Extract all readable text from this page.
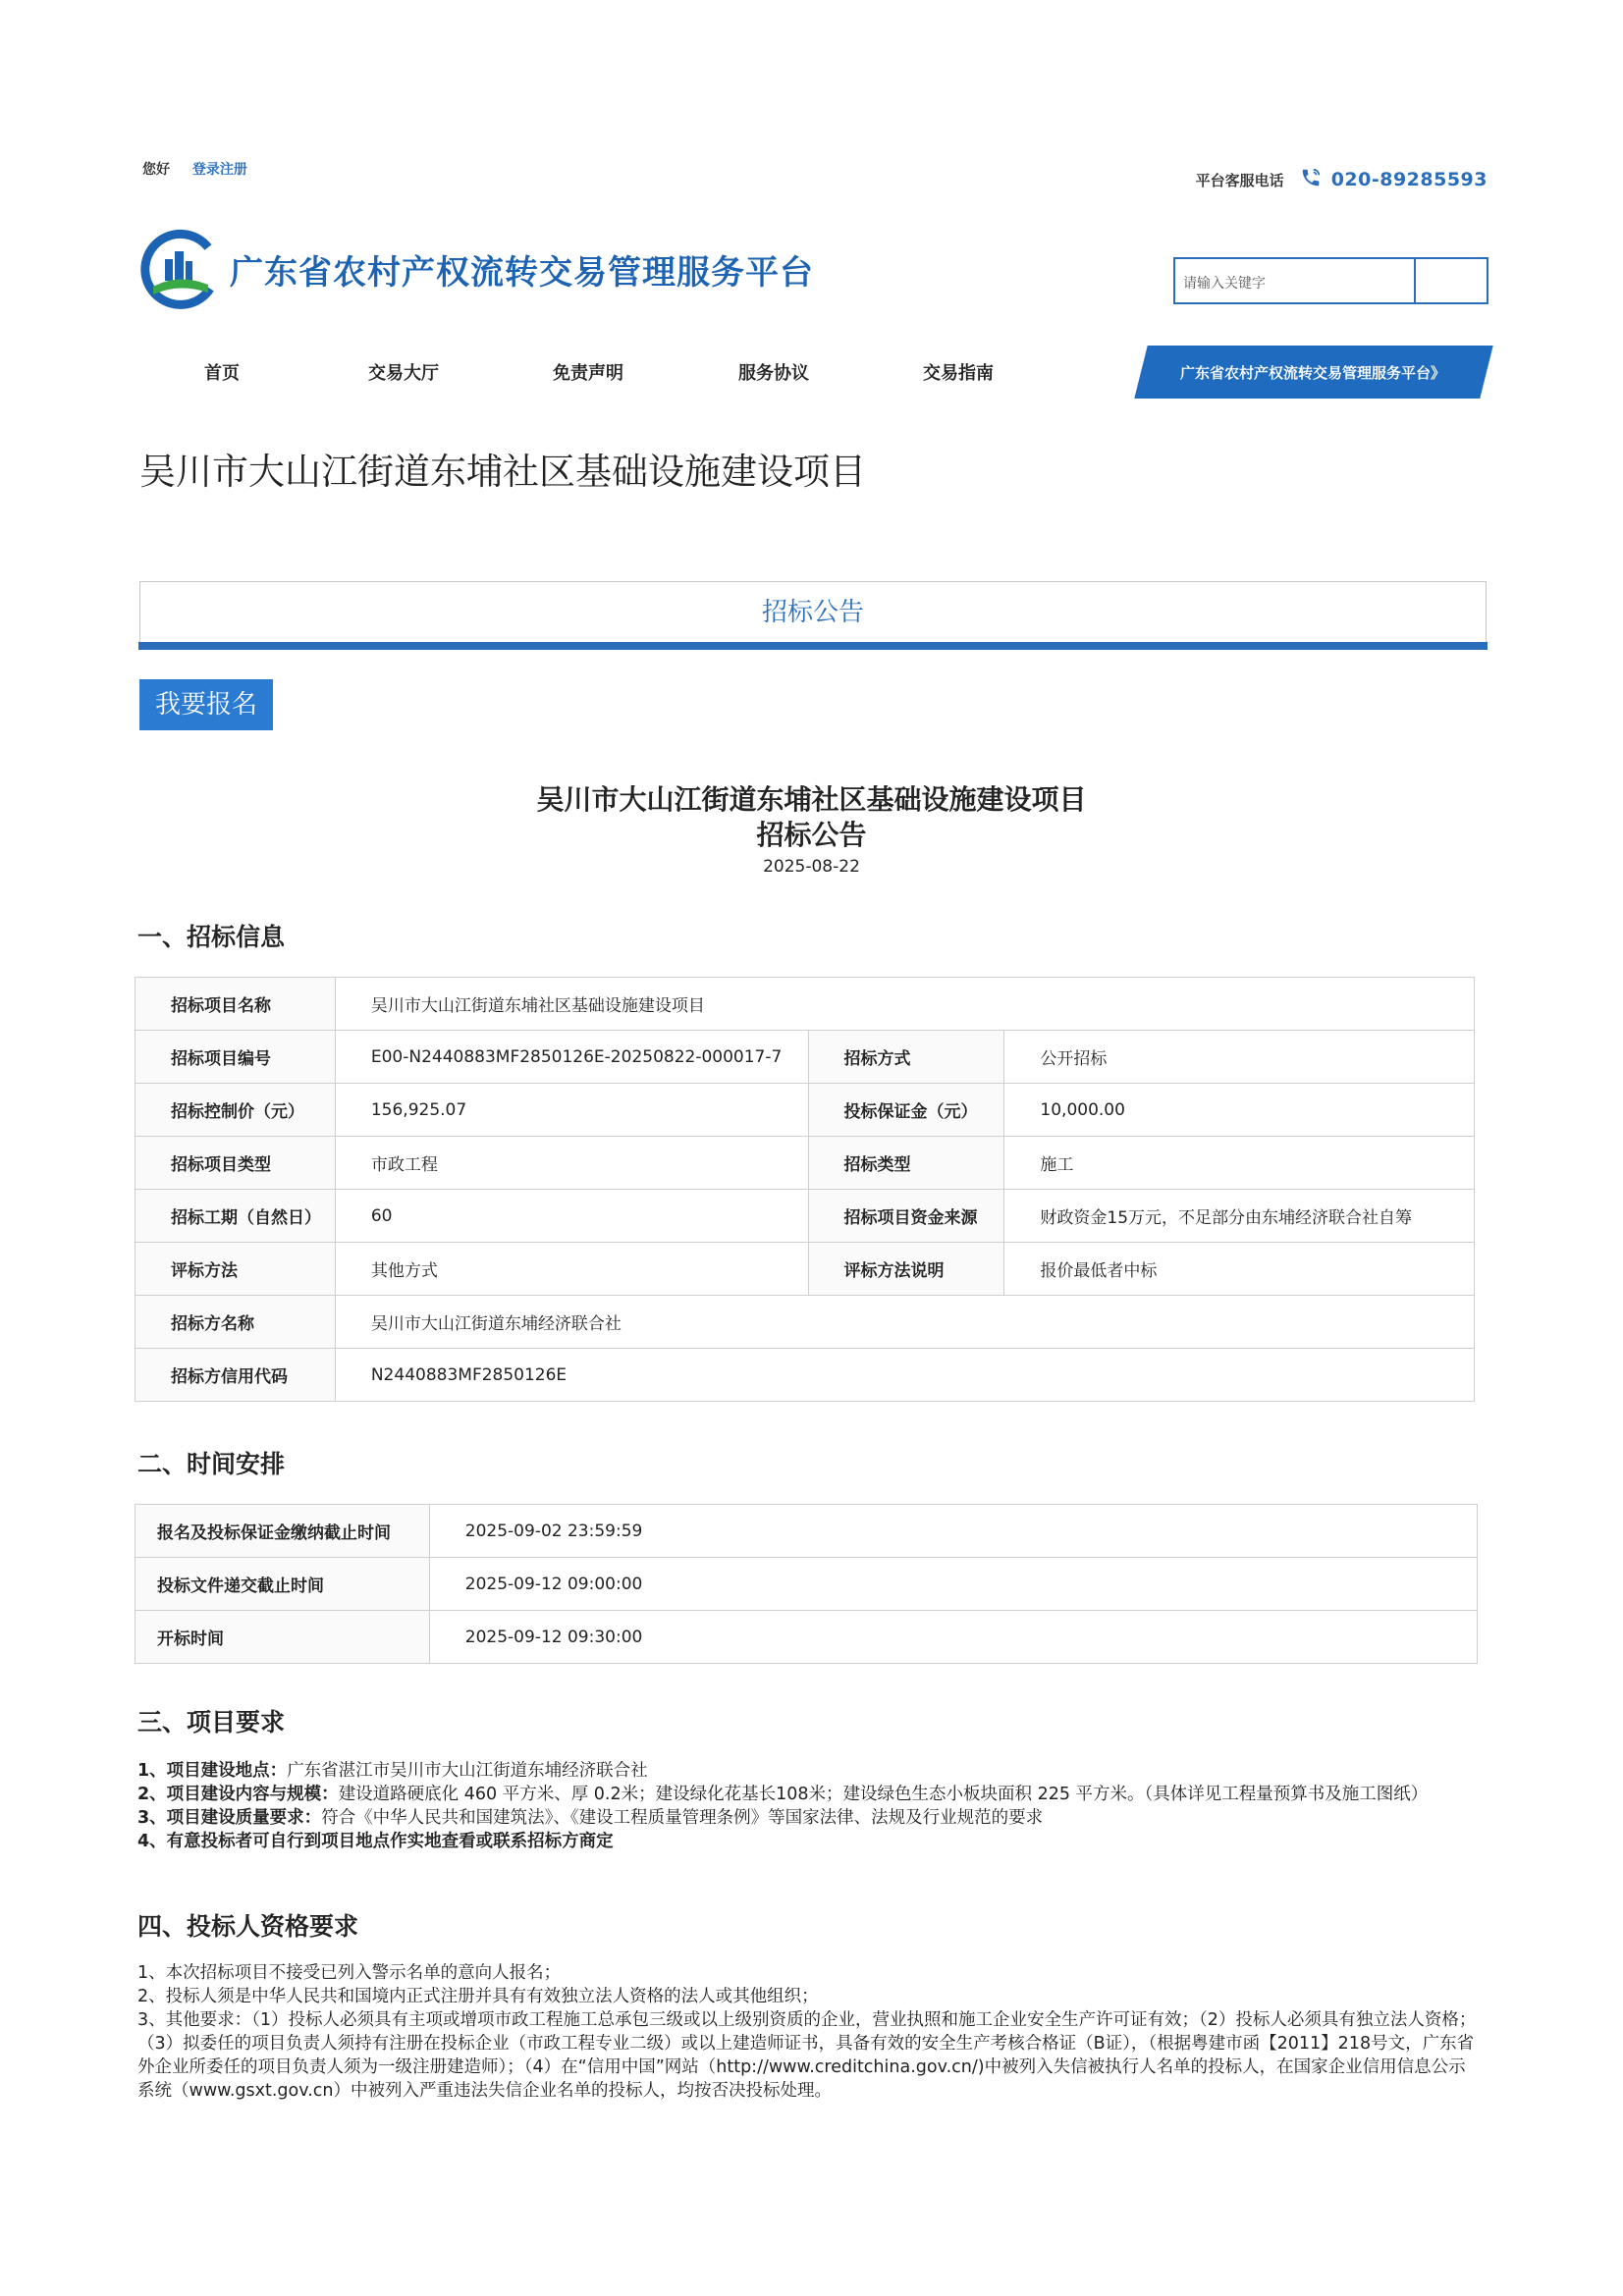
您好 登录注册
平台客服电话	020-89285593
广东省农村产权流转交易管理服务平台	请输入关键字
首页	交易大厅	免责声明	服务协议	交易指南	广东省农村产权流转交易管理服务平台》
吴川市大山江街道东埔社区基础设施建设项目
招标公告
我要报名
吴川市大山江街道东埔社区基础设施建设项目
招标公告
2025-08-22
一、招标信息
招标项目名称	吴川市大山江街道东埔社区基础设施建设项目		
招标项目编号	E00-N2440883MF2850126E-20250822-000017-7	招标方式	公开招标
招标控制价（元）	156,925.07	投标保证金（元）	10,000.00
招标项目类型	市政工程	招标类型	施工
招标工期（自然日）	60	招标项目资金来源	财政资金15万元，不足部分由东埔经济联合社自筹
评标方法	其他方式	评标方法说明	报价最低者中标
招标方名称	吴川市大山江街道东埔经济联合社		
招标方信用代码	N2440883MF2850126E		
二、时间安排
报名及投标保证金缴纳截止时间	2025-09-02 23:59:59
投标文件递交截止时间	2025-09-12 09:00:00
开标时间	2025-09-12 09:30:00
三、项目要求

1、项目建设地点：广东省湛江市吴川市大山江街道东埔经济联合社

2、项目建设内容与规模：建设道路硬底化 460 平方米、厚 0.2米；建设绿化花基长108米；建设绿色生态小板块面积 225 平方米。（具体详见工程量预算书及施工图纸）

3、项目建设质量要求：符合《中华人民共和国建筑法》、《建设工程质量管理条例》等国家法律、法规及行业规范的要求

4、有意投标者可自行到项目地点作实地查看或联系招标方商定

四、投标人资格要求

1、本次招标项目不接受已列入警示名单的意向人报名；

2、投标人须是中华人民共和国境内正式注册并具有有效独立法人资格的法人或其他组织；

3、其他要求：（1）投标人必须具有主项或增项市政工程施工总承包三级或以上级别资质的企业，营业执照和施工企业安全生产许可证有效；（2）投标人必须具有独立法人资格；（3）拟委任的项目负责人须持有注册在投标企业（市政工程专业二级）或以上建造师证书，具备有效的安全生产考核合格证（B证），（根据粤建市函【2011】218号文，广东省外企业所委任的项目负责人须为一级注册建造师）；（4）在“信用中国”网站（http://www.creditchina.gov.cn/)中被列入失信被执行人名单的投标人，在国家企业信用信息公示系统（www.gsxt.gov.cn）中被列入严重违法失信企业名单的投标人，均按否决投标处理。
